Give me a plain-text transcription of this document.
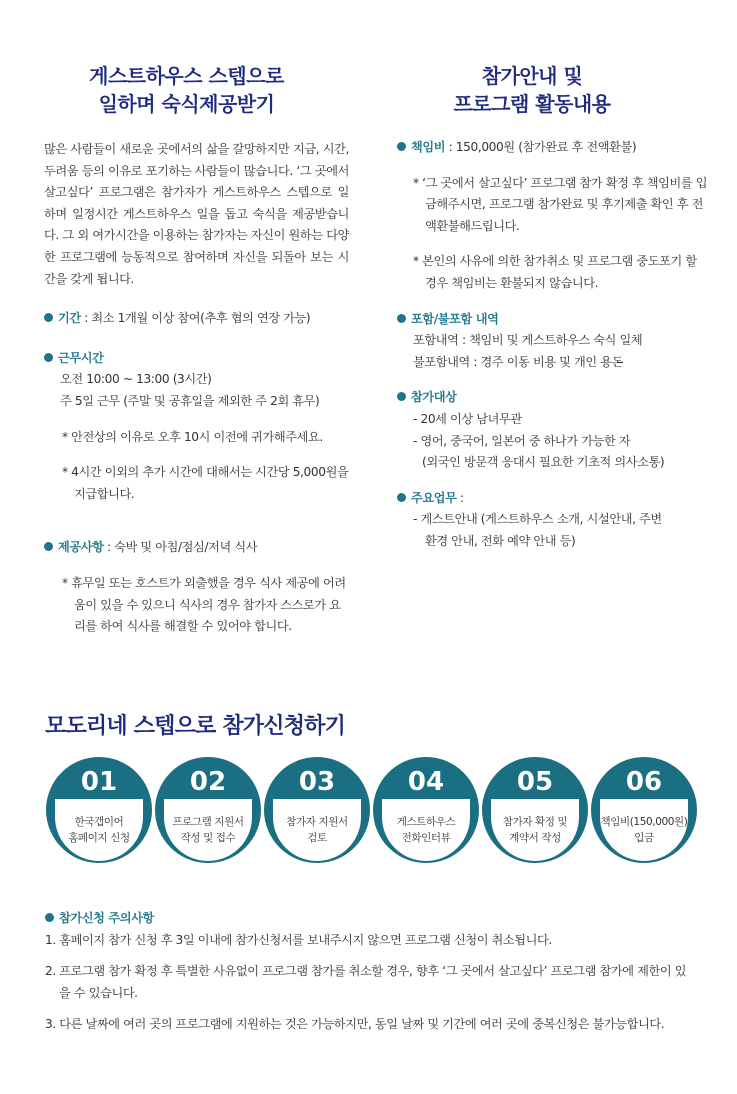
게스트하우스 스텝으로
일하며 숙식제공받기

많은 사람들이 새로운 곳에서의 삶을 갈망하지만 지금, 시간, 두려움 등의 이유로 포기하는 사람들이 많습니다. ‘그 곳에서 살고싶다’ 프로그램은 참가자가 게스트하우스 스텝으로 일하며 일정시간 게스트하우스 일을 돕고 숙식을 제공받습니다. 그 외 여가시간을 이용하는 참가자는 자신이 원하는 다양한 프로그램에 능동적으로 참여하며 자신을 되돌아 보는 시간을 갖게 됩니다.

기간 : 최소 1개월 이상 참여(추후 협의 연장 가능)
근무시간
오전 10:00 ~ 13:00 (3시간)
주 5일 근무 (주말 및 공휴일을 제외한 주 2회 휴무)
* 안전상의 이유로 오후 10시 이전에 귀가해주세요.
* 4시간 이외의 추가 시간에 대해서는 시간당 5,000원을 지급합니다.
제공사항 : 숙박 및 아침/점심/저녁 식사
* 휴무일 또는 호스트가 외출했을 경우 식사 제공에 어려움이 있을 수 있으니 식사의 경우 참가자 스스로가 요리를 하여 식사를 해결할 수 있어야 합니다.
참가안내 및
프로그램 활동내용
책임비 : 150,000원 (참가완료 후 전액환불)
* ‘그 곳에서 살고싶다’ 프로그램 참가 확정 후 책임비를 입금해주시면, 프로그램 참가완료 및 후기제출 확인 후 전액환불해드립니다.
* 본인의 사유에 의한 참가취소 및 프로그램 중도포기 할 경우 책임비는 환불되지 않습니다.
포함/불포함 내역
포함내역 : 책임비 및 게스트하우스 숙식 일체
불포함내역 : 경주 이동 비용 및 개인 용돈
참가대상
- 20세 이상 남녀무관
- 영어, 중국어, 일본어 중 하나가 가능한 자
(외국인 방문객 응대시 필요한 기초적 의사소통)
주요업무 :
- 게스트안내 (게스트하우스 소개, 시설안내, 주변
환경 안내, 전화 예약 안내 등)
모도리네 스텝으로 참가신청하기
01
한국갭이어
홈페이지 신청
02
프로그램 지원서
작성 및 접수
03
참가자 지원서
검토
04
게스트하우스
전화인터뷰
05
참가자 확정 및
계약서 작성
06
책임비(150,000원)
입금
참가신청 주의사항
1. 홈페이지 참가 신청 후 3일 이내에 참가신청서를 보내주시지 않으면 프로그램 신청이 취소됩니다.
2. 프로그램 참가 확정 후 특별한 사유없이 프로그램 참가를 취소할 경우, 향후 ‘그 곳에서 살고싶다’ 프로그램 참가에 제한이 있을 수 있습니다.
3. 다른 날짜에 여러 곳의 프로그램에 지원하는 것은 가능하지만, 동일 날짜 및 기간에 여러 곳에 중복신청은 불가능합니다.
